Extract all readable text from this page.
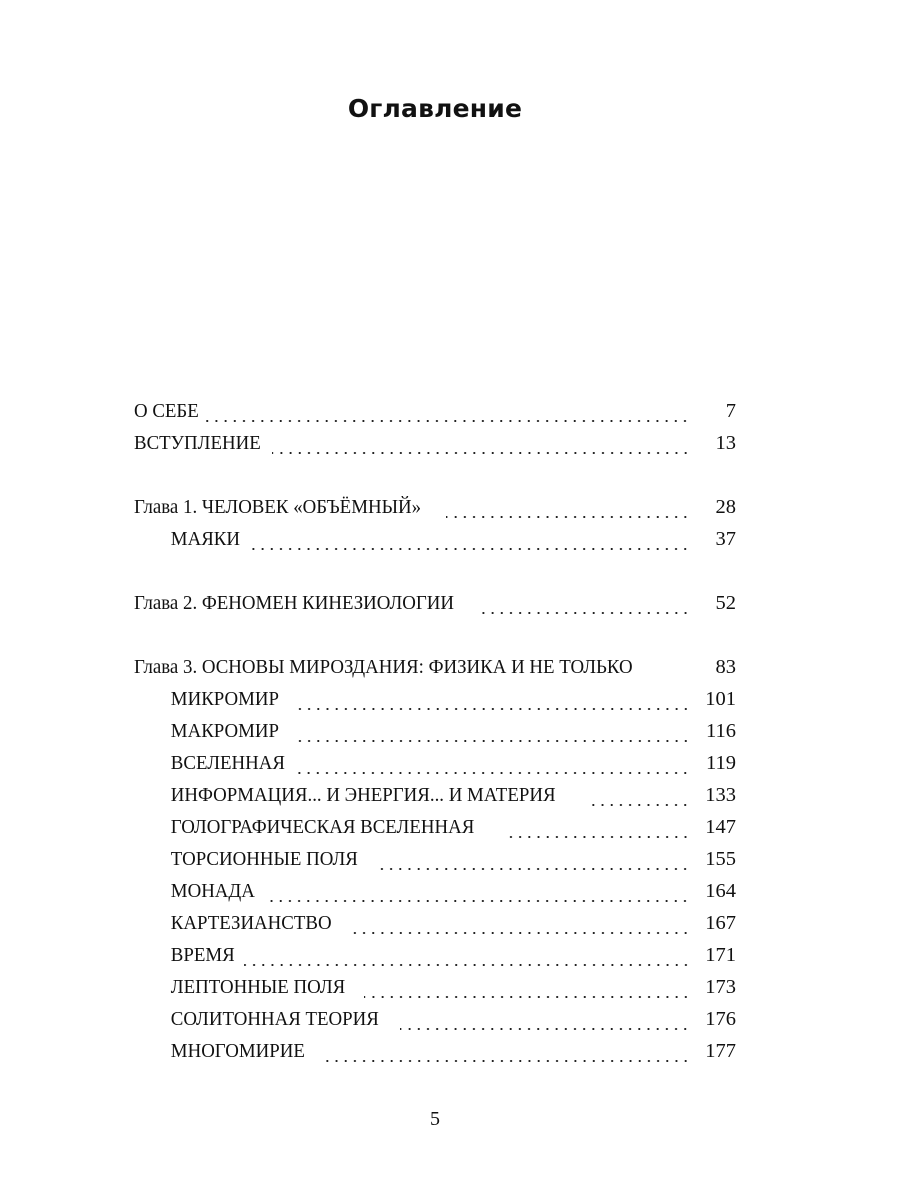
Оглавление
О СЕБЕ	7
ВСТУПЛЕНИЕ	13
Глава 1. ЧЕЛОВЕК «ОБЪЁМНЫЙ»	28
МАЯКИ	37
Глава 2. ФЕНОМЕН КИНЕЗИОЛОГИИ	52
Глава 3. ОСНОВЫ МИРОЗДАНИЯ: ФИЗИКА И НЕ ТОЛЬКО	83
МИКРОМИР	101
МАКРОМИР	116
ВСЕЛЕННАЯ	119
ИНФОРМАЦИЯ... И ЭНЕРГИЯ... И МАТЕРИЯ	133
ГОЛОГРАФИЧЕСКАЯ ВСЕЛЕННАЯ	147
ТОРСИОННЫЕ ПОЛЯ	155
МОНАДА	164
КАРТЕЗИАНСТВО	167
ВРЕМЯ	171
ЛЕПТОННЫЕ ПОЛЯ	173
СОЛИТОННАЯ ТЕОРИЯ	176
МНОГОМИРИЕ	177
5
